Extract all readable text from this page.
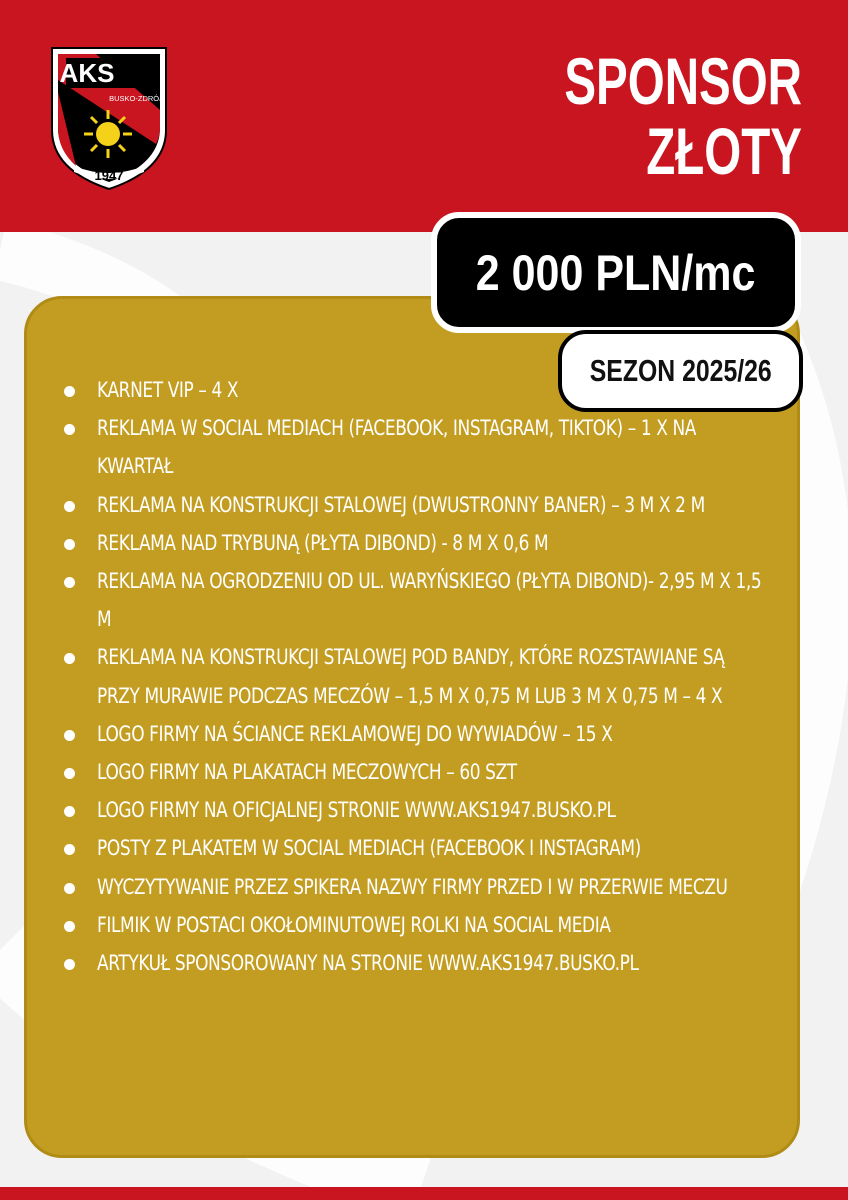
AKS
BUSKO-ZDRÓJ
1947
SPONSOR
ZŁOTY
2 000 PLN/mc
SEZON 2025/26
KARNET VIP – 4 X
REKLAMA W SOCIAL MEDIACH (FACEBOOK, INSTAGRAM, TIKTOK) – 1 X NA KWARTAŁ
REKLAMA NA KONSTRUKCJI STALOWEJ (DWUSTRONNY BANER) – 3 M X 2 M
REKLAMA NAD TRYBUNĄ (PŁYTA DIBOND) - 8 M X 0,6 M
REKLAMA NA OGRODZENIU OD UL. WARYŃSKIEGO (PŁYTA DIBOND)- 2,95 M X 1,5 M
REKLAMA NA KONSTRUKCJI STALOWEJ POD BANDY, KTÓRE ROZSTAWIANE SĄ PRZY MURAWIE PODCZAS MECZÓW – 1,5 M X 0,75 M LUB 3 M X 0,75 M – 4 X
LOGO FIRMY NA ŚCIANCE REKLAMOWEJ DO WYWIADÓW – 15 X
LOGO FIRMY NA PLAKATACH MECZOWYCH – 60 SZT
LOGO FIRMY NA OFICJALNEJ STRONIE WWW.AKS1947.BUSKO.PL
POSTY Z PLAKATEM W SOCIAL MEDIACH (FACEBOOK I INSTAGRAM)
WYCZYTYWANIE PRZEZ SPIKERA NAZWY FIRMY PRZED I W PRZERWIE MECZU
FILMIK W POSTACI OKOŁOMINUTOWEJ ROLKI NA SOCIAL MEDIA
ARTYKUŁ SPONSOROWANY NA STRONIE WWW.AKS1947.BUSKO.PL
